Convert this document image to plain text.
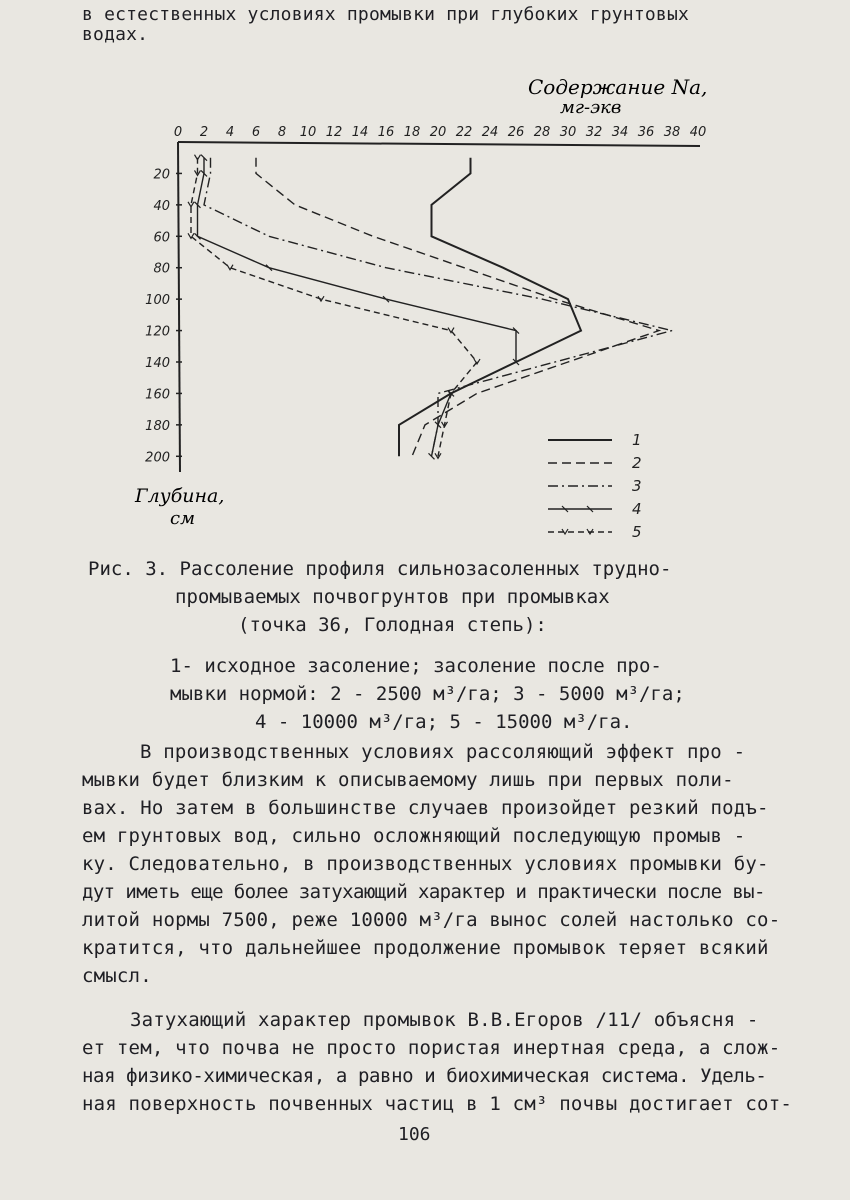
в естественных условиях промывки при глубоких грунтовых
водах.
Содержание Na,
мг-экв
0 2 4 6 8 10 12 14 16 18 20 22 24 26 28 30 32 34 36 38 40
20
40
60
80
100
120
140
160
180
200
1
2
3
4
5
Глубина,
см
Рис. 3. Рассоление профиля сильнозасоленных трудно-
промываемых почвогрунтов при промывках
(точка 36, Голодная степь):
1- исходное засоление; засоление после про-
мывки нормой: 2 - 2500 м³/га; 3 - 5000 м³/га;
4 - 10000 м³/га; 5 - 15000 м³/га.
В производственных условиях рассоляющий эффект про -
мывки будет близким к описываемому лишь при первых поли-
вах. Но затем в большинстве случаев произойдет резкий подъ-
ем грунтовых вод, сильно осложняющий последующую промыв -
ку. Следовательно, в производственных условиях промывки бу-
дут иметь еще более затухающий характер и практически после вы-
литой нормы 7500, реже 10000 м³/га вынос солей настолько со-
кратится, что дальнейшее продолжение промывок теряет всякий
смысл.
Затухающий характер промывок В.В.Егоров /11/ объясня -
ет тем, что почва не просто пористая инертная среда, а слож-
ная физико-химическая, а равно и биохимическая система. Удель-
ная поверхность почвенных частиц в 1 см³ почвы достигает сот-
106
